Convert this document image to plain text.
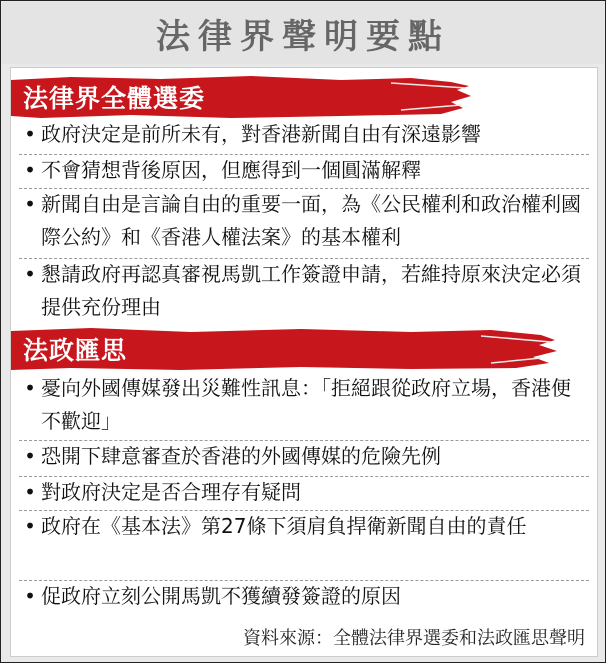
法律界聲明要點
法律界全體選委
• 政府決定是前所未有，對香港新聞自由有深遠影響
• 不會猜想背後原因，但應得到一個圓滿解釋
• 新聞自由是言論自由的重要一面，為《公民權利和政治權利國際公約》和《香港人權法案》的基本權利
• 懇請政府再認真審視馬凱工作簽證申請，若維持原來決定必須提供充份理由
法政匯思
• 憂向外國傳媒發出災難性訊息：「拒絕跟從政府立場，香港便不歡迎」
• 恐開下肆意審查於香港的外國傳媒的危險先例
• 對政府決定是否合理存有疑問
• 政府在《基本法》第27條下須肩負捍衛新聞自由的責任
• 促政府立刻公開馬凱不獲續發簽證的原因
資料來源：全體法律界選委和法政匯思聲明
